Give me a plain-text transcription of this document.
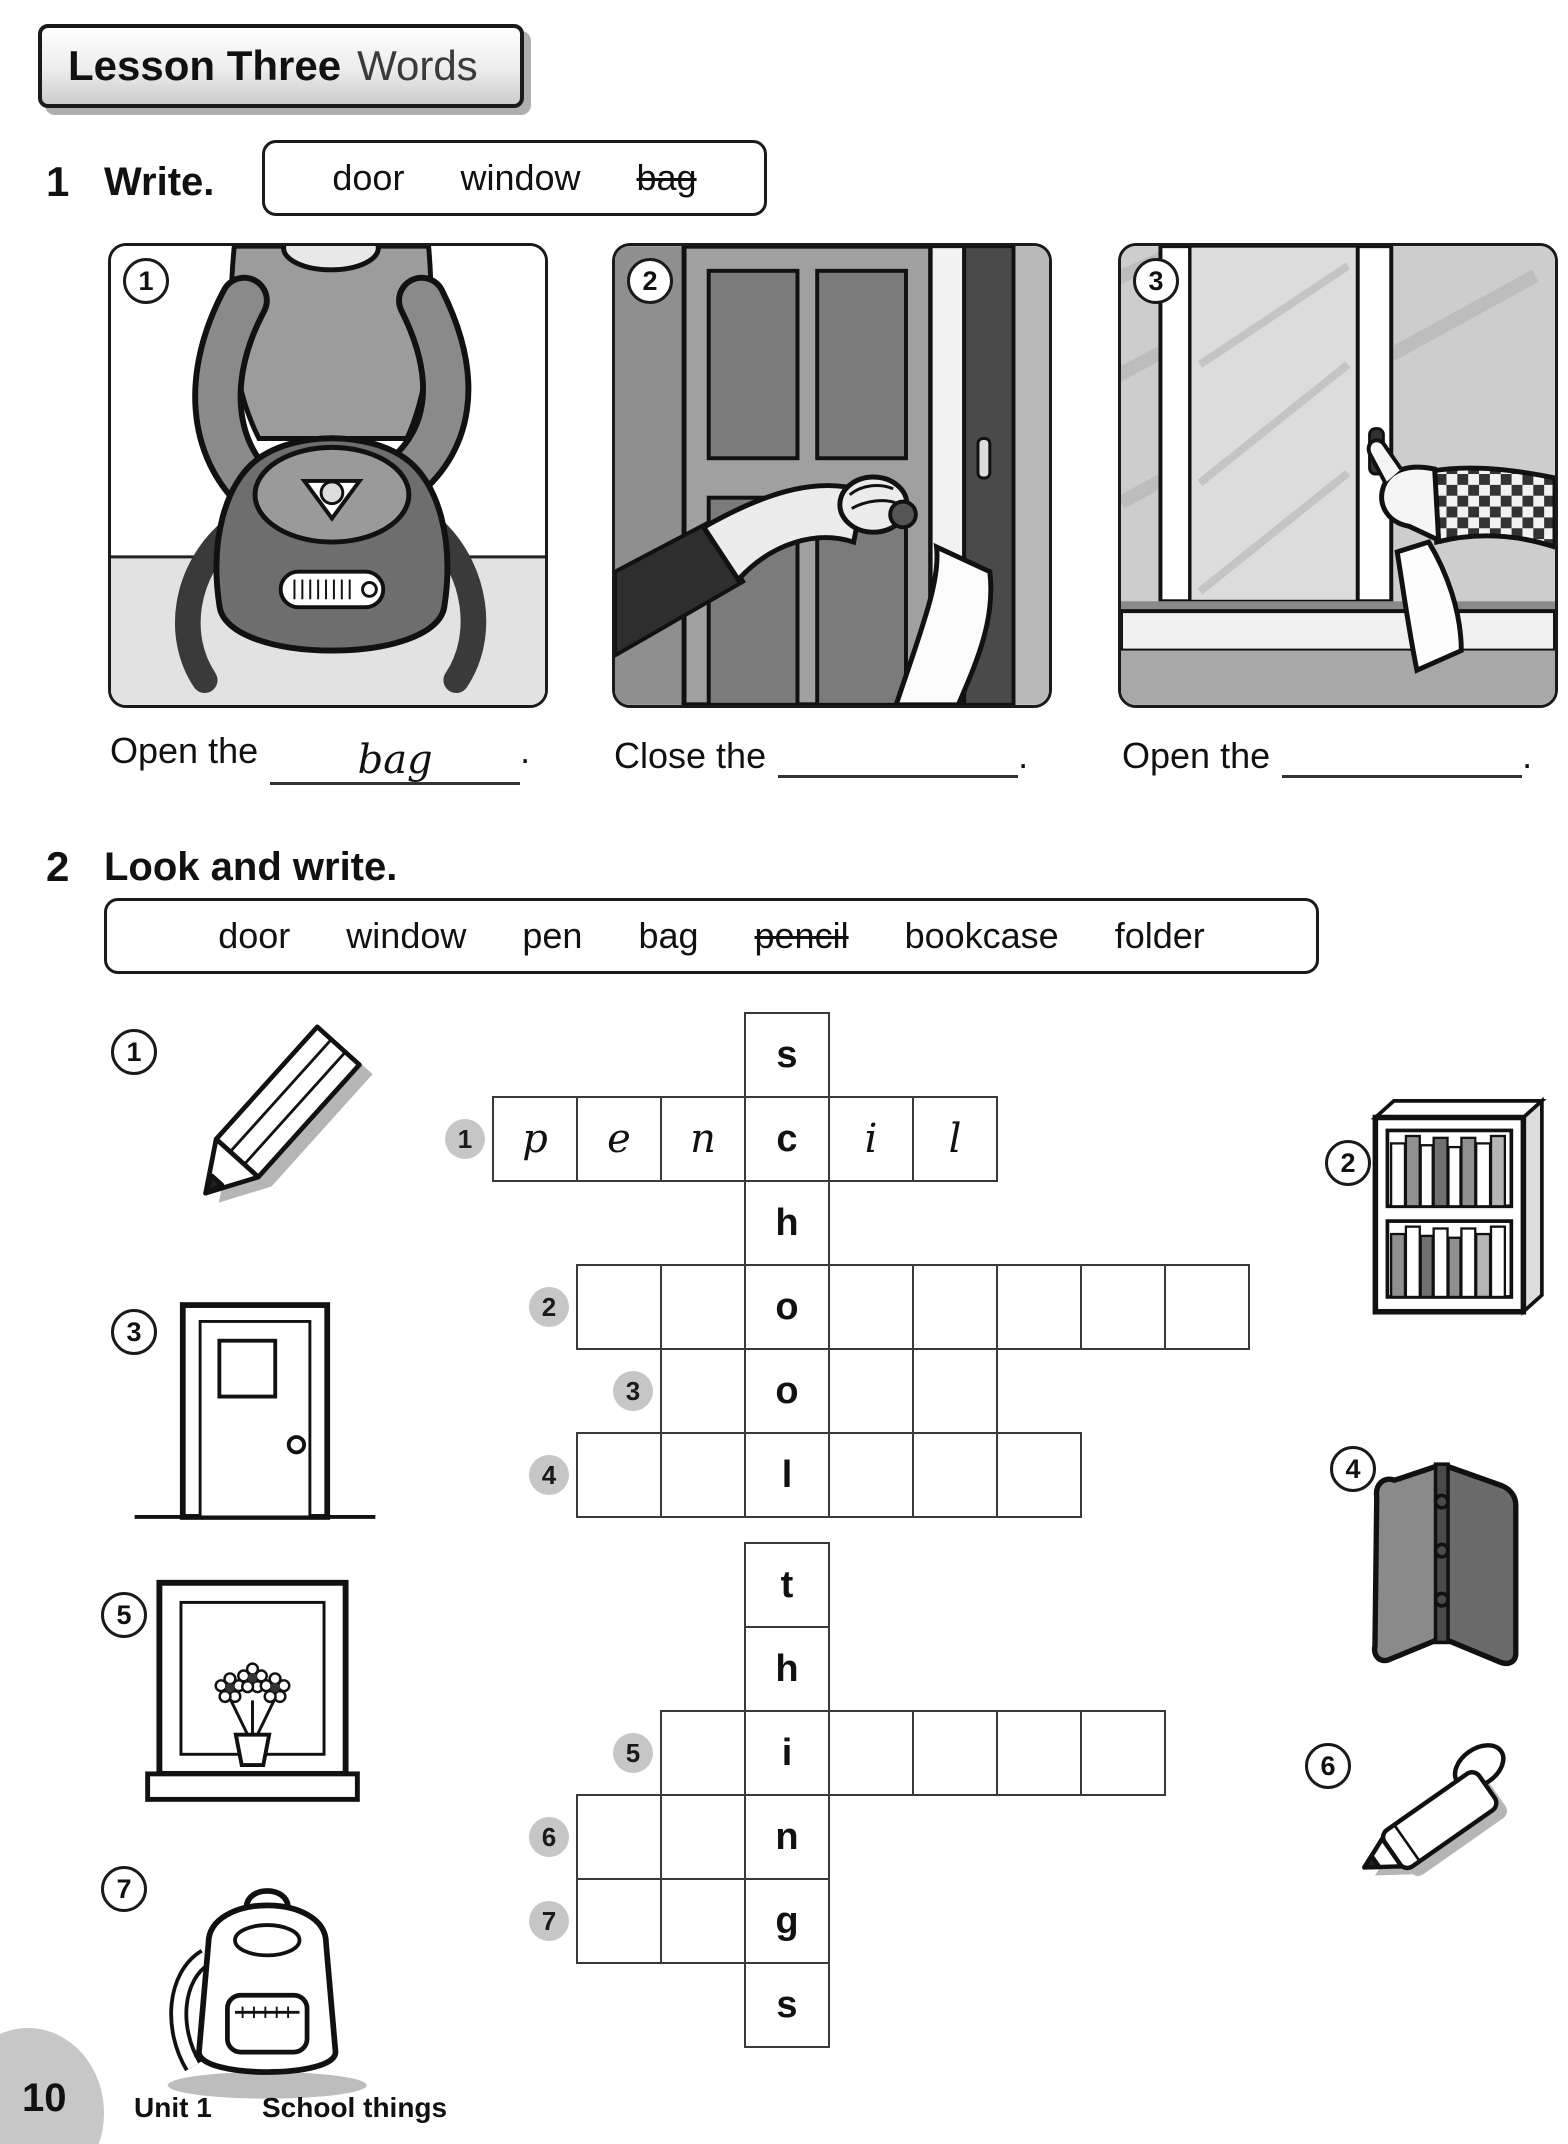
Lesson Three Words
1 Write.	door window bag
1	2	3
Open the bag . Close the	.	Open the	.
2 Look and write.
door window pen bag pencil bookcase folder
s
c
h
o
o
l
t
h
i
n
g
s
1	p e n	i l
2
3
4
5
6
7
1
3
5
7
2
4
6
10 Unit 1 School things
